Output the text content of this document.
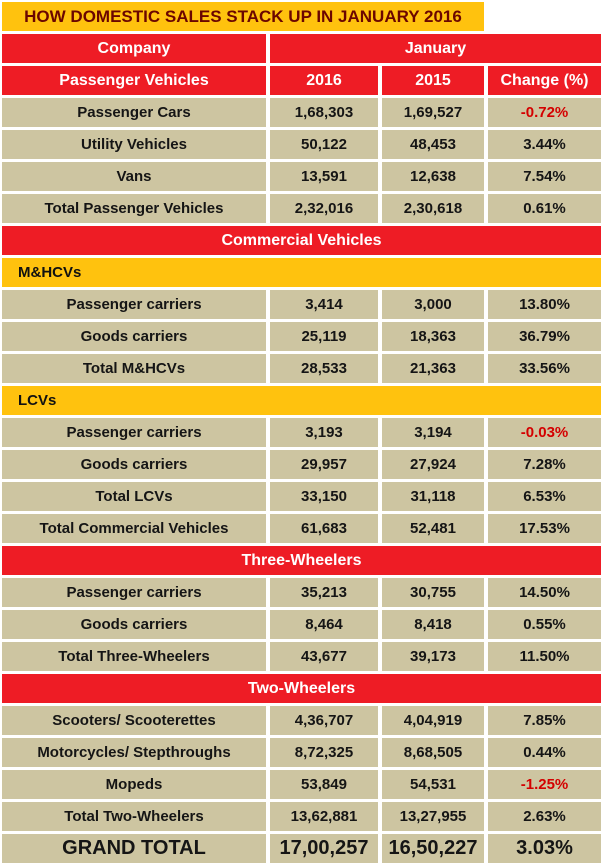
HOW DOMESTIC SALES STACK UP IN JANUARY 2016
Company	January
Passenger Vehicles	2016	2015	Change (%)
Passenger Cars	1,68,303	1,69,527	-0.72%
Utility Vehicles	50,122	48,453	3.44%
Vans	13,591	12,638	7.54%
Total Passenger Vehicles	2,32,016	2,30,618	0.61%
Commercial Vehicles
M&HCVs
Passenger carriers	3,414	3,000	13.80%
Goods carriers	25,119	18,363	36.79%
Total M&HCVs	28,533	21,363	33.56%
LCVs
Passenger carriers	3,193	3,194	-0.03%
Goods carriers	29,957	27,924	7.28%
Total LCVs	33,150	31,118	6.53%
Total Commercial Vehicles	61,683	52,481	17.53%
Three-Wheelers
Passenger carriers	35,213	30,755	14.50%
Goods carriers	8,464	8,418	0.55%
Total Three-Wheelers	43,677	39,173	11.50%
Two-Wheelers
Scooters/ Scooterettes	4,36,707	4,04,919	7.85%
Motorcycles/ Stepthroughs	8,72,325	8,68,505	0.44%
Mopeds	53,849	54,531	-1.25%
Total Two-Wheelers	13,62,881	13,27,955	2.63%
GRAND TOTAL	17,00,257	16,50,227	3.03%
